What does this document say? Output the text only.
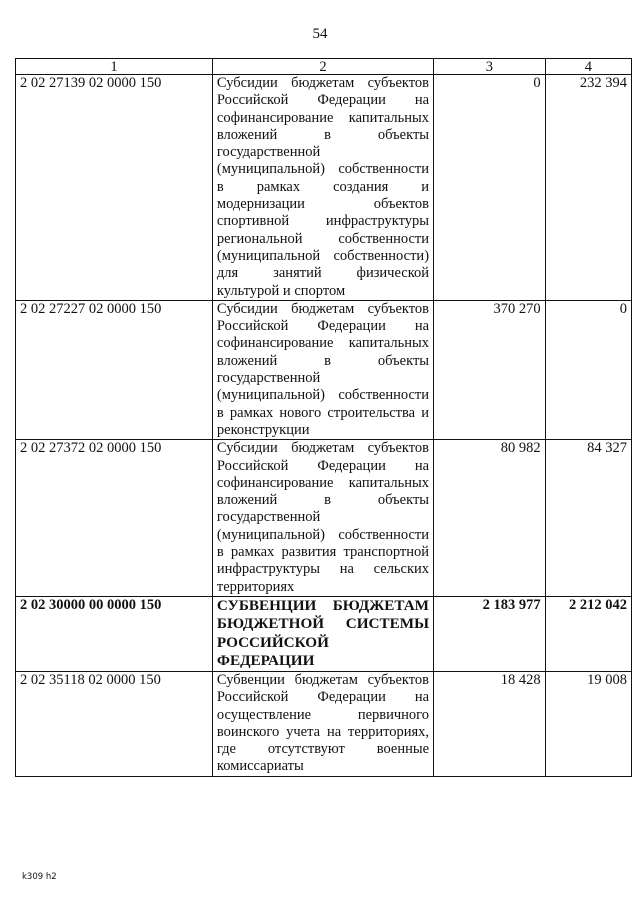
54
1	2	3	4
2 02 27139 02 0000 150	Субсидии бюджетам субъектов Российской Федерации на софинансирование капитальных вложений в объекты государственной (муниципальной) собственности в рамках создания и модернизации объектов спортивной инфраструктуры региональной собственности (муниципальной собственности) для занятий физической культурой и спортом	0	232 394
2 02 27227 02 0000 150	Субсидии бюджетам субъектов Российской Федерации на софинансирование капитальных вложений в объекты государственной (муниципальной) собственности в рамках нового строительства и реконструкции	370 270	0
2 02 27372 02 0000 150	Субсидии бюджетам субъектов Российской Федерации на софинансирование капитальных вложений в объекты государственной (муниципальной) собственности в рамках развития транспортной инфраструктуры на сельских территориях	80 982	84 327
2 02 30000 00 0000 150	СУБВЕНЦИИ БЮДЖЕТАМ БЮДЖЕТНОЙ СИСТЕМЫ РОССИЙСКОЙ ФЕДЕРАЦИИ	2 183 977	2 212 042
2 02 35118 02 0000 150	Субвенции бюджетам субъектов Российской Федерации на осуществление первичного воинского учета на территориях, где отсутствуют военные комиссариаты	18 428	19 008
k309 h2
